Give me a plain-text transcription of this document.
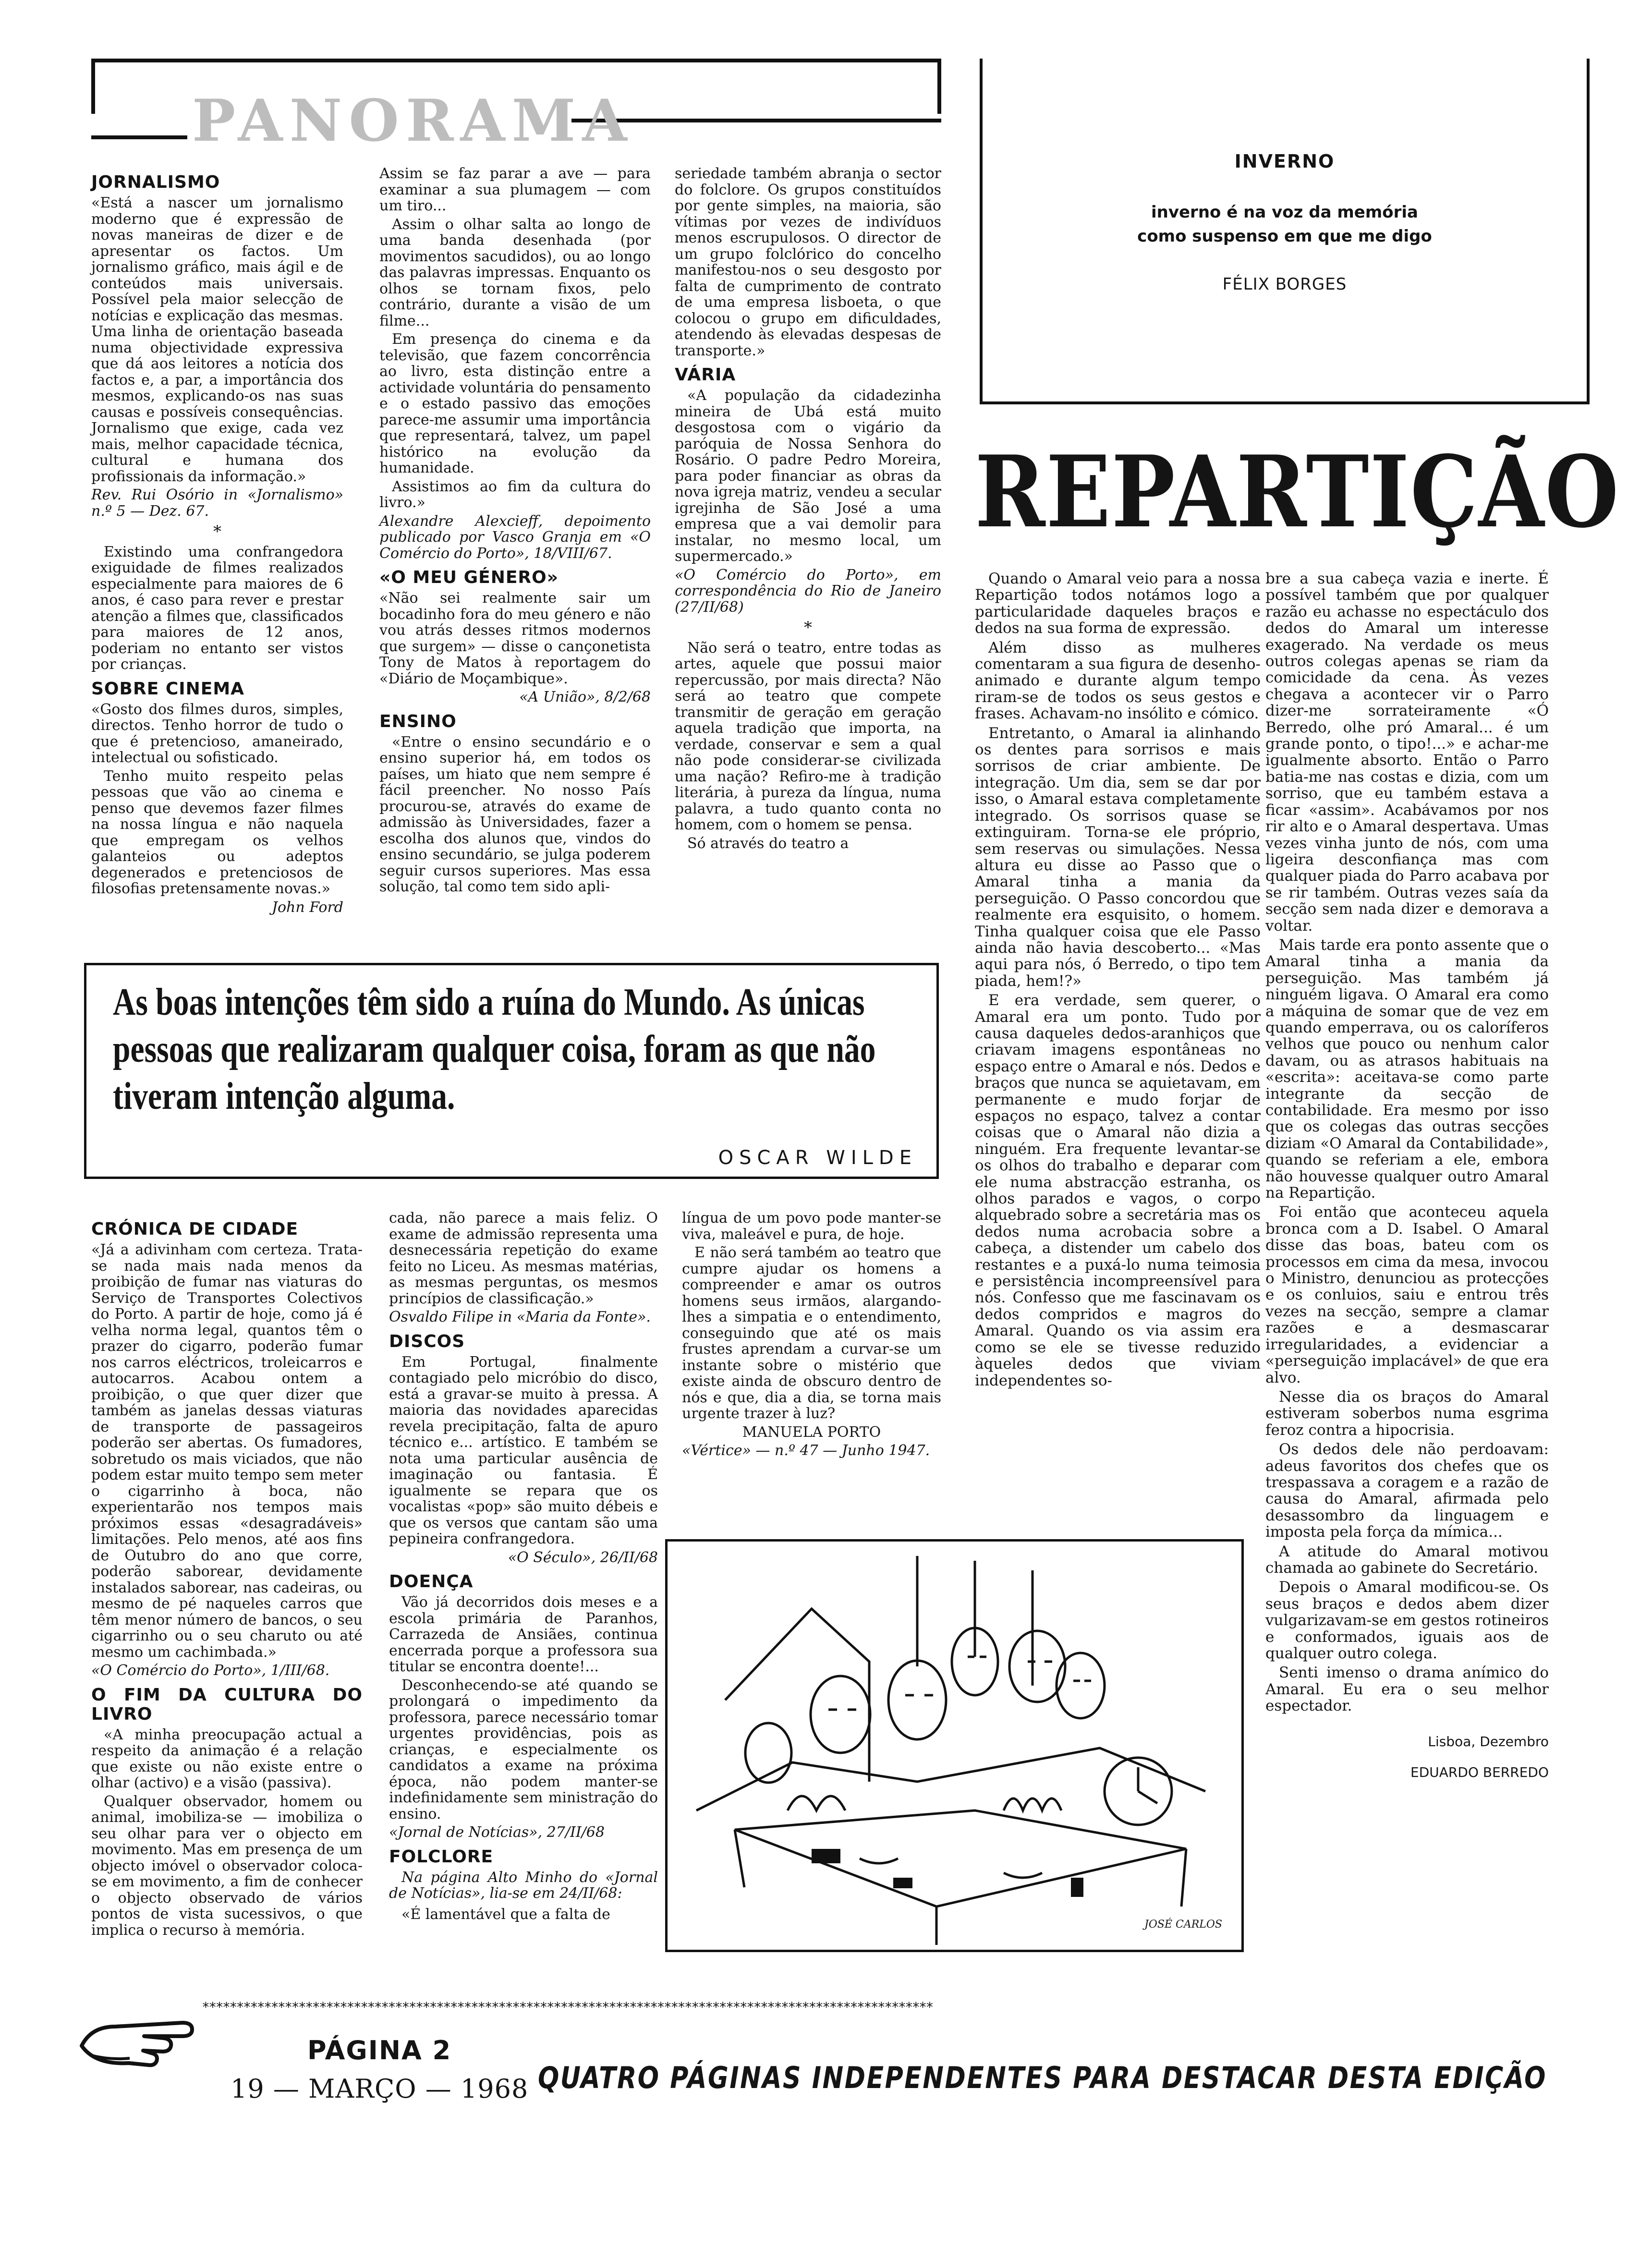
PANORAMA
INVERNO
inverno é na voz da memória
como suspenso em que me digo
FÉLIX BORGES
JORNALISMO

«Está a nascer um jornalismo moderno que é expressão de novas maneiras de dizer e de apresentar os factos. Um jornalismo gráfico, mais ágil e de conteúdos mais universais. Possível pela maior selecção de notícias e explicação das mesmas. Uma linha de orientação baseada numa objectividade expressiva que dá aos leitores a notícia dos factos e, a par, a importância dos mesmos, explicando-os nas suas causas e possíveis consequências. Jornalismo que exige, cada vez mais, melhor capacidade técnica, cultural e humana dos profissionais da informação.»

Rev. Rui Osório in «Jornalismo» n.º 5 — Dez. 67.

*

Existindo uma confrangedora exiguidade de filmes realizados especialmente para maiores de 6 anos, é caso para rever e prestar atenção a filmes que, classificados para maiores de 12 anos, poderiam no entanto ser vistos por crianças.

SOBRE CINEMA

«Gosto dos filmes duros, simples, directos. Tenho horror de tudo o que é pretencioso, amaneirado, intelectual ou sofisticado.

Tenho muito respeito pelas pessoas que vão ao cinema e penso que devemos fazer filmes na nossa língua e não naquela que empregam os velhos galanteios ou adeptos degenerados e pretenciosos de filosofias pretensamente novas.»

John Ford

Assim se faz parar a ave — para examinar a sua plumagem — com um tiro...

Assim o olhar salta ao longo de uma banda desenhada (por movimentos sacudidos), ou ao longo das palavras impressas. Enquanto os olhos se tornam fixos, pelo contrário, durante a visão de um filme...

Em presença do cinema e da televisão, que fazem concorrência ao livro, esta distinção entre a actividade voluntária do pensamento e o estado passivo das emoções parece-me assumir uma importância que representará, talvez, um papel histórico na evolução da humanidade.

Assistimos ao fim da cultura do livro.»

Alexandre Alexcieff, depoimento publicado por Vasco Granja em «O Comércio do Porto», 18/VIII/67.

«O MEU GÉNERO»

«Não sei realmente sair um bocadinho fora do meu género e não vou atrás desses ritmos modernos que surgem» — disse o cançonetista Tony de Matos à reportagem do «Diário de Moçambique».

«A União», 8/2/68

ENSINO

«Entre o ensino secundário e o ensino superior há, em todos os países, um hiato que nem sempre é fácil preencher. No nosso País procurou-se, através do exame de admissão às Universidades, fazer a escolha dos alunos que, vindos do ensino secundário, se julga poderem seguir cursos superiores. Mas essa solução, tal como tem sido apli-

seriedade também abranja o sector do folclore. Os grupos constituídos por gente simples, na maioria, são vítimas por vezes de indivíduos menos escrupulosos. O director de um grupo folclórico do concelho manifestou-nos o seu desgosto por falta de cumprimento de contrato de uma empresa lisboeta, o que colocou o grupo em dificuldades, atendendo às elevadas despesas de transporte.»

VÁRIA

«A população da cidadezinha mineira de Ubá está muito desgostosa com o vigário da paróquia de Nossa Senhora do Rosário. O padre Pedro Moreira, para poder financiar as obras da nova igreja matriz, vendeu a secular igrejinha de São José a uma empresa que a vai demolir para instalar, no mesmo local, um supermercado.»

«O Comércio do Porto», em correspondência do Rio de Janeiro (27/II/68)

*

Não será o teatro, entre todas as artes, aquele que possui maior repercussão, por mais directa? Não será ao teatro que compete transmitir de geração em geração aquela tradição que importa, na verdade, conservar e sem a qual não pode considerar-se civilizada uma nação? Refiro-me à tradição literária, à pureza da língua, numa palavra, a tudo quanto conta no homem, com o homem se pensa.

Só através do teatro a

As boas intenções têm sido a ruína do Mundo. As únicas pessoas que realizaram qualquer coisa, foram as que não tiveram intenção alguma.
OSCAR WILDE
REPARTIÇÃO

Quando o Amaral veio para a nossa Repartição todos notámos logo a particularidade daqueles braços e dedos na sua forma de expressão.

Além disso as mulheres comentaram a sua figura de desenho-animado e durante algum tempo riram-se de todos os seus gestos e frases. Achavam-no insólito e cómico.

Entretanto, o Amaral ia alinhando os dentes para sorrisos e mais sorrisos de criar ambiente. De integração. Um dia, sem se dar por isso, o Amaral estava completamente integrado. Os sorrisos quase se extinguiram. Torna-se ele próprio, sem reservas ou simulações. Nessa altura eu disse ao Passo que o Amaral tinha a mania da perseguição. O Passo concordou que realmente era esquisito, o homem. Tinha qualquer coisa que ele Passo ainda não havia descoberto... «Mas aqui para nós, ó Berredo, o tipo tem piada, hem!?»

E era verdade, sem querer, o Amaral era um ponto. Tudo por causa daqueles dedos-aranhiços que criavam imagens espontâneas no espaço entre o Amaral e nós. Dedos e braços que nunca se aquietavam, em permanente e mudo forjar de espaços no espaço, talvez a contar coisas que o Amaral não dizia a ninguém. Era frequente levantar-se os olhos do trabalho e deparar com ele numa abstracção estranha, os olhos parados e vagos, o corpo alquebrado sobre a secretária mas os dedos numa acrobacia sobre a cabeça, a distender um cabelo dos restantes e a puxá-lo numa teimosia e persistência incompreensível para nós. Confesso que me fascinavam os dedos compridos e magros do Amaral. Quando os via assim era como se ele se tivesse reduzido àqueles dedos que viviam independentes so-

bre a sua cabeça vazia e inerte. É possível também que por qualquer razão eu achasse no espectáculo dos dedos do Amaral um interesse exagerado. Na verdade os meus outros colegas apenas se riam da comicidade da cena. Às vezes chegava a acontecer vir o Parro dizer-me sorrateiramente «Ó Berredo, olhe pró Amaral... é um grande ponto, o tipo!...» e achar-me igualmente absorto. Então o Parro batia-me nas costas e dizia, com um sorriso, que eu também estava a ficar «assim». Acabávamos por nos rir alto e o Amaral despertava. Umas vezes vinha junto de nós, com uma ligeira desconfiança mas com qualquer piada do Parro acabava por se rir também. Outras vezes saía da secção sem nada dizer e demorava a voltar.

Mais tarde era ponto assente que o Amaral tinha a mania da perseguição. Mas também já ninguém ligava. O Amaral era como a máquina de somar que de vez em quando emperrava, ou os caloríferos velhos que pouco ou nenhum calor davam, ou as atrasos habituais na «escrita»: aceitava-se como parte integrante da secção de contabilidade. Era mesmo por isso que os colegas das outras secções diziam «O Amaral da Contabilidade», quando se referiam a ele, embora não houvesse qualquer outro Amaral na Repartição.

Foi então que aconteceu aquela bronca com a D. Isabel. O Amaral disse das boas, bateu com os processos em cima da mesa, invocou o Ministro, denunciou as protecções e os conluios, saiu e entrou três vezes na secção, sempre a clamar razões e a desmascarar irregularidades, a evidenciar a «perseguição implacável» de que era alvo.

Nesse dia os braços do Amaral estiveram soberbos numa esgrima feroz contra a hipocrisia.

Os dedos dele não perdoavam: adeus favoritos dos chefes que os trespassava a coragem e a razão de causa do Amaral, afirmada pelo desassombro da linguagem e imposta pela força da mímica...

A atitude do Amaral motivou chamada ao gabinete do Secretário.

Depois o Amaral modificou-se. Os seus braços e dedos abem dizer vulgarizavam-se em gestos rotineiros e conformados, iguais aos de qualquer outro colega.

Senti imenso o drama anímico do Amaral. Eu era o seu melhor espectador.

Lisboa, Dezembro

EDUARDO BERREDO

CRÓNICA DE CIDADE

«Já a adivinham com certeza. Trata-se nada mais nada menos da proibição de fumar nas viaturas do Serviço de Transportes Colectivos do Porto. A partir de hoje, como já é velha norma legal, quantos têm o prazer do cigarro, poderão fumar nos carros eléctricos, troleicarros e autocarros. Acabou ontem a proibição, o que quer dizer que também as janelas dessas viaturas de transporte de passageiros poderão ser abertas. Os fumadores, sobretudo os mais viciados, que não podem estar muito tempo sem meter o cigarrinho à boca, não experientarão nos tempos mais próximos essas «desagradáveis» limitações. Pelo menos, até aos fins de Outubro do ano que corre, poderão saborear, devidamente instalados saborear, nas cadeiras, ou mesmo de pé naqueles carros que têm menor número de bancos, o seu cigarrinho ou o seu charuto ou até mesmo um cachimbada.»

«O Comércio do Porto», 1/III/68.

O FIM DA CULTURA DO LIVRO

«A minha preocupação actual a respeito da animação é a relação que existe ou não existe entre o olhar (activo) e a visão (passiva).

Qualquer observador, homem ou animal, imobiliza-se — imobiliza o seu olhar para ver o objecto em movimento. Mas em presença de um objecto imóvel o observador coloca-se em movimento, a fim de conhecer o objecto observado de vários pontos de vista sucessivos, o que implica o recurso à memória.

cada, não parece a mais feliz. O exame de admissão representa uma desnecessária repetição do exame feito no Liceu. As mesmas matérias, as mesmas perguntas, os mesmos princípios de classificação.»

Osvaldo Filipe in «Maria da Fonte».

DISCOS

Em Portugal, finalmente contagiado pelo micróbio do disco, está a gravar-se muito à pressa. A maioria das novidades aparecidas revela precipitação, falta de apuro técnico e... artístico. E também se nota uma particular ausência de imaginação ou fantasia. É igualmente se repara que os vocalistas «pop» são muito débeis e que os versos que cantam são uma pepineira confrangedora.

«O Século», 26/II/68

DOENÇA

Vão já decorridos dois meses e a escola primária de Paranhos, Carrazeda de Ansiães, continua encerrada porque a professora sua titular se encontra doente!...

Desconhecendo-se até quando se prolongará o impedimento da professora, parece necessário tomar urgentes providências, pois as crianças, e especialmente os candidatos a exame na próxima época, não podem manter-se indefinidamente sem ministração do ensino.

«Jornal de Notícias», 27/II/68

FOLCLORE

Na página Alto Minho do «Jornal de Notícias», lia-se em 24/II/68:

«É lamentável que a falta de

língua de um povo pode manter-se viva, maleável e pura, de hoje.

E não será também ao teatro que cumpre ajudar os homens a compreender e amar os outros homens seus irmãos, alargando-lhes a simpatia e o entendimento, conseguindo que até os mais frustes aprendam a curvar-se um instante sobre o mistério que existe ainda de obscuro dentro de nós e que, dia a dia, se torna mais urgente trazer à luz?

MANUELA PORTO

«Vértice» — n.º 47 — Junho 1947.

JOSÉ CARLOS
**********************************************************************************************************
PÁGINA 2
19 — MARÇO — 1968 QUATRO PÁGINAS INDEPENDENTES PARA DESTACAR DESTA EDIÇÃO
